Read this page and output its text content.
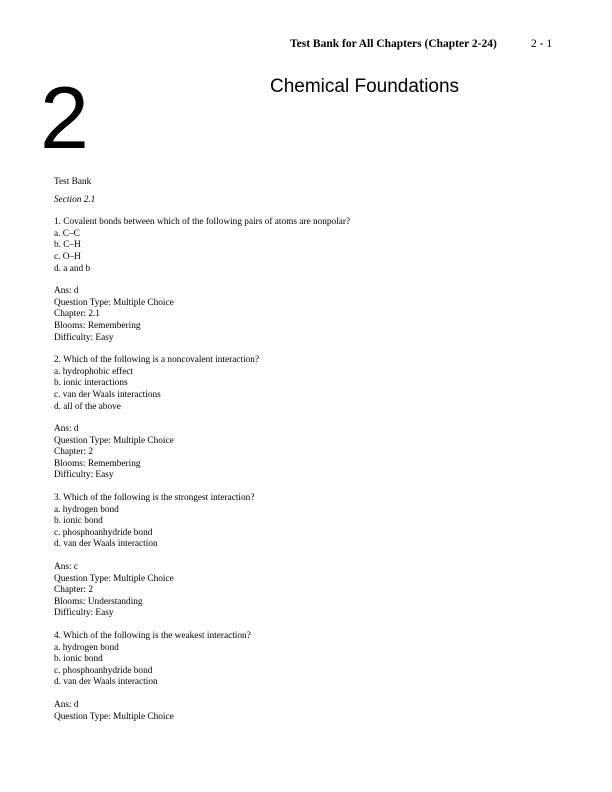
Test Bank for All Chapters (Chapter 2-24)	2 - 1
2	Chemical Foundations
Test Bank
Section 2.1
1. Covalent bonds between which of the following pairs of atoms are nonpolar?
a. C–C
b. C–H
c. O–H
d. a and b
Ans: d
Question Type: Multiple Choice
Chapter: 2.1
Blooms: Remembering
Difficulty: Easy
2. Which of the following is a noncovalent interaction?
a. hydrophobic effect
b. ionic interactions
c. van der Waals interactions
d. all of the above
Ans: d
Question Type: Multiple Choice
Chapter: 2
Blooms: Remembering
Difficulty: Easy
3. Which of the following is the strongest interaction?
a. hydrogen bond
b. ionic bond
c. phosphoanhydride bond
d. van der Waals interaction
Ans: c
Question Type: Multiple Choice
Chapter: 2
Blooms: Understanding
Difficulty: Easy
4. Which of the following is the weakest interaction?
a. hydrogen bond
b. ionic bond
c. phosphoanhydride bond
d. van der Waals interaction
Ans: d
Question Type: Multiple Choice
